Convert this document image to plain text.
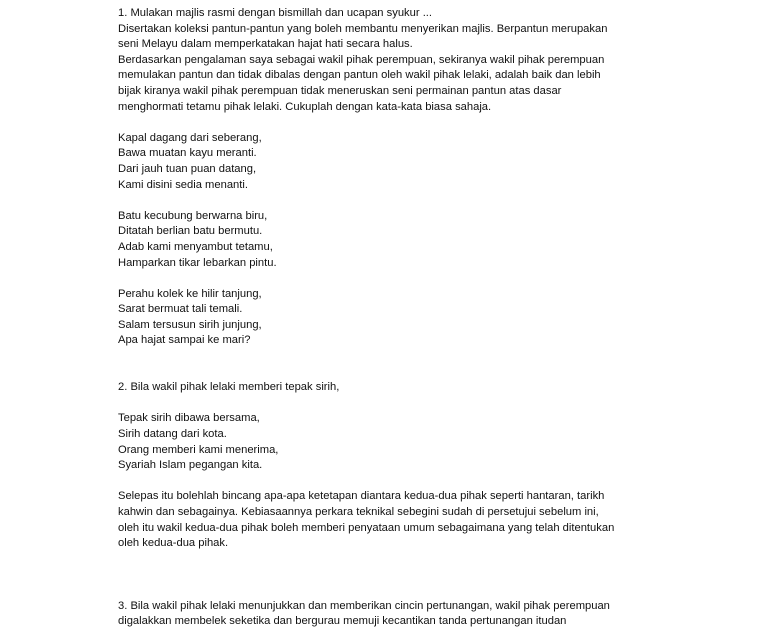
1. Mulakan majlis rasmi dengan bismillah dan ucapan syukur ...
Disertakan koleksi pantun-pantun yang boleh membantu menyerikan majlis. Berpantun merupakan
seni Melayu dalam memperkatakan hajat hati secara halus.
Berdasarkan pengalaman saya sebagai wakil pihak perempuan, sekiranya wakil pihak perempuan
memulakan pantun dan tidak dibalas dengan pantun oleh wakil pihak lelaki, adalah baik dan lebih
bijak kiranya wakil pihak perempuan tidak meneruskan seni permainan pantun atas dasar
menghormati tetamu pihak lelaki. Cukuplah dengan kata-kata biasa sahaja.
Kapal dagang dari seberang,
Bawa muatan kayu meranti.
Dari jauh tuan puan datang,
Kami disini sedia menanti.
Batu kecubung berwarna biru,
Ditatah berlian batu bermutu.
Adab kami menyambut tetamu,
Hamparkan tikar lebarkan pintu.
Perahu kolek ke hilir tanjung,
Sarat bermuat tali temali.
Salam tersusun sirih junjung,
Apa hajat sampai ke mari?
2. Bila wakil pihak lelaki memberi tepak sirih,
Tepak sirih dibawa bersama,
Sirih datang dari kota.
Orang memberi kami menerima,
Syariah Islam pegangan kita.
Selepas itu bolehlah bincang apa-apa ketetapan diantara kedua-dua pihak seperti hantaran, tarikh
kahwin dan sebagainya. Kebiasaannya perkara teknikal sebegini sudah di persetujui sebelum ini,
oleh itu wakil kedua-dua pihak boleh memberi penyataan umum sebagaimana yang telah ditentukan
oleh kedua-dua pihak.
3. Bila wakil pihak lelaki menunjukkan dan memberikan cincin pertunangan, wakil pihak perempuan
digalakkan membelek seketika dan bergurau memuji kecantikan tanda pertunangan itudan
